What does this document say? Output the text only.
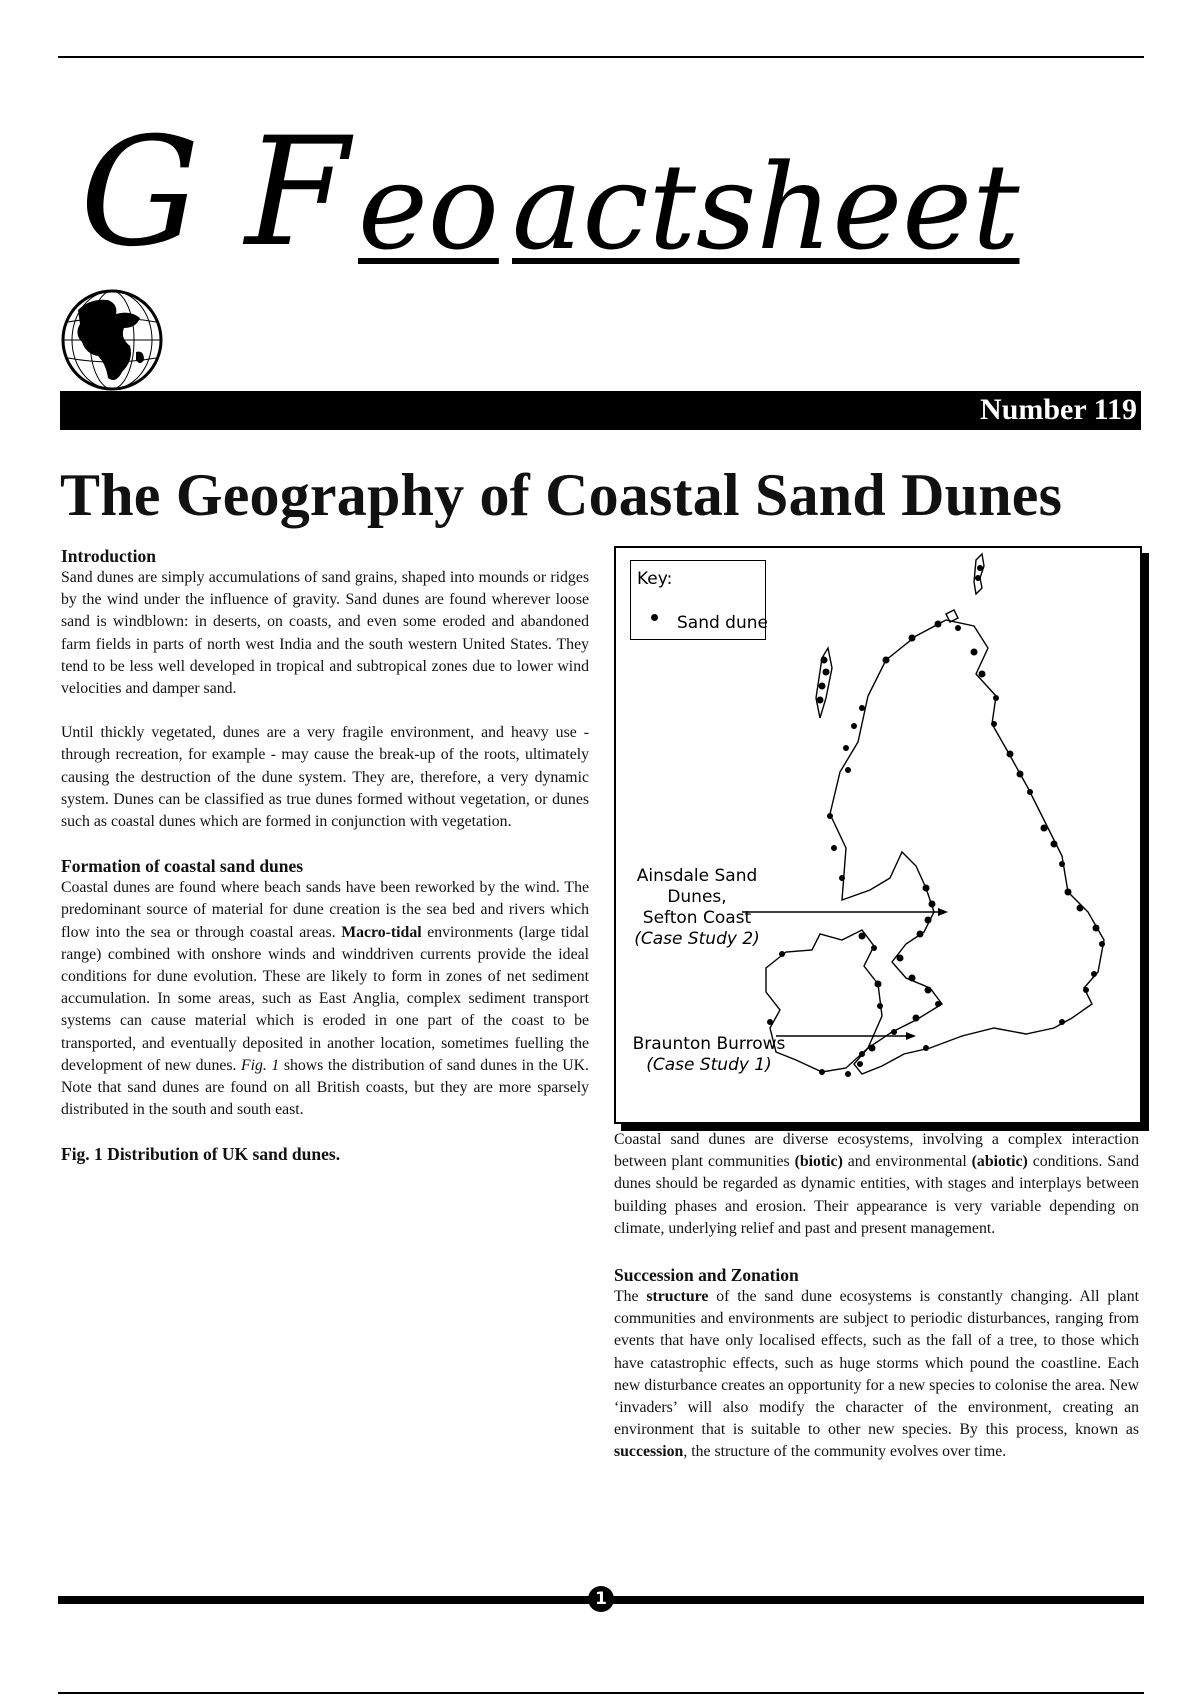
G F eo actsheet
Number 119
The Geography of Coastal Sand Dunes

Introduction

Sand dunes are simply accumulations of sand grains, shaped into mounds or ridges by the wind under the influence of gravity. Sand dunes are found wherever loose sand is windblown: in deserts, on coasts, and even some eroded and abandoned farm fields in parts of north west India and the south western United States. They tend to be less well developed in tropical and subtropical zones due to lower wind velocities and damper sand.

Until thickly vegetated, dunes are a very fragile environment, and heavy use - through recreation, for example - may cause the break-up of the roots, ultimately causing the destruction of the dune system. They are, therefore, a very dynamic system. Dunes can be classified as true dunes formed without vegetation, or dunes such as coastal dunes which are formed in conjunction with vegetation.

Formation of coastal sand dunes

Coastal dunes are found where beach sands have been reworked by the wind. The predominant source of material for dune creation is the sea bed and rivers which flow into the sea or through coastal areas. Macro-tidal environments (large tidal range) combined with onshore winds and winddriven currents provide the ideal conditions for dune evolution. These are likely to form in zones of net sediment accumulation. In some areas, such as East Anglia, complex sediment transport systems can cause material which is eroded in one part of the coast to be transported, and eventually deposited in another location, sometimes fuelling the development of new dunes. Fig. 1 shows the distribution of sand dunes in the UK. Note that sand dunes are found on all British coasts, but they are more sparsely distributed in the south and south east.

Fig. 1 Distribution of UK sand dunes.

Key:
Sand dune
Ainsdale Sand
Dunes,
Sefton Coast
(Case Study 2)
Braunton Burrows
(Case Study 1)

Coastal sand dunes are diverse ecosystems, involving a complex interaction between plant communities (biotic) and environmental (abiotic) conditions. Sand dunes should be regarded as dynamic entities, with stages and interplays between building phases and erosion. Their appearance is very variable depending on climate, underlying relief and past and present management.

Succession and Zonation

The structure of the sand dune ecosystems is constantly changing. All plant communities and environments are subject to periodic disturbances, ranging from events that have only localised effects, such as the fall of a tree, to those which have catastrophic effects, such as huge storms which pound the coastline. Each new disturbance creates an opportunity for a new species to colonise the area. New ‘invaders’ will also modify the character of the environment, creating an environment that is suitable to other new species. By this process, known as succession, the structure of the community evolves over time.

1
